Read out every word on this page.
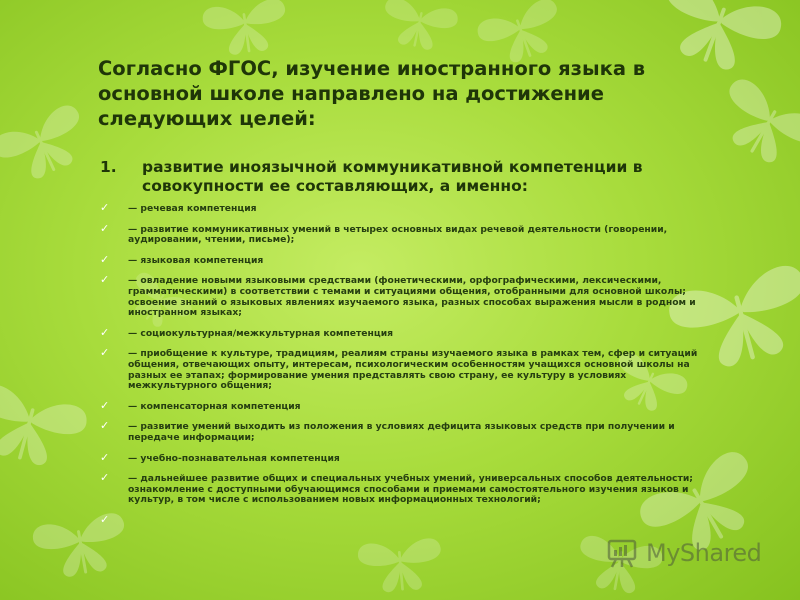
Согласно ФГОС, изучение иностранного языка в основной школе направлено на достижение следующих целей:
1. развитие иноязычной коммуникативной компетенции в совокупности ее составляющих, а именно:
✓ — речевая компетенция
✓ — развитие коммуникативных умений в четырех основных видах речевой деятельности (говорении, аудировании, чтении, письме);
✓ — языковая компетенция
✓ — овладение новыми языковыми средствами (фонетическими, орфографическими, лексическими, грамматическими) в соответствии c темами и ситуациями общения, отобранными для основной школы; освоение знаний о языковых явлениях изучаемого языка, разных способах выражения мысли в родном и иностранном языках;
✓ — социокультурная/межкультурная компетенция
✓ — приобщение к культуре, традициям, реалиям страны изучаемого языка в рамках тем, сфер и ситуаций общения, отвечающих опыту, интересам, психологическим особенностям учащихся основной школы на разных ее этапах; формирование умения представлять свою страну, ее культуру в условиях межкультурного общения;
✓ — компенсаторная компетенция
✓ — развитие умений выходить из положения в условиях дефицита языковых средств при получении и передаче информации;
✓ — учебно-познавательная компетенция
✓ — дальнейшее развитие общих и специальных учебных умений, универсальных способов деятельности; ознакомление с доступными обучающимся способами и приемами самостоятельного изучения языков и культур, в том числе с использованием новых информационных технологий;
✓
MyShared
